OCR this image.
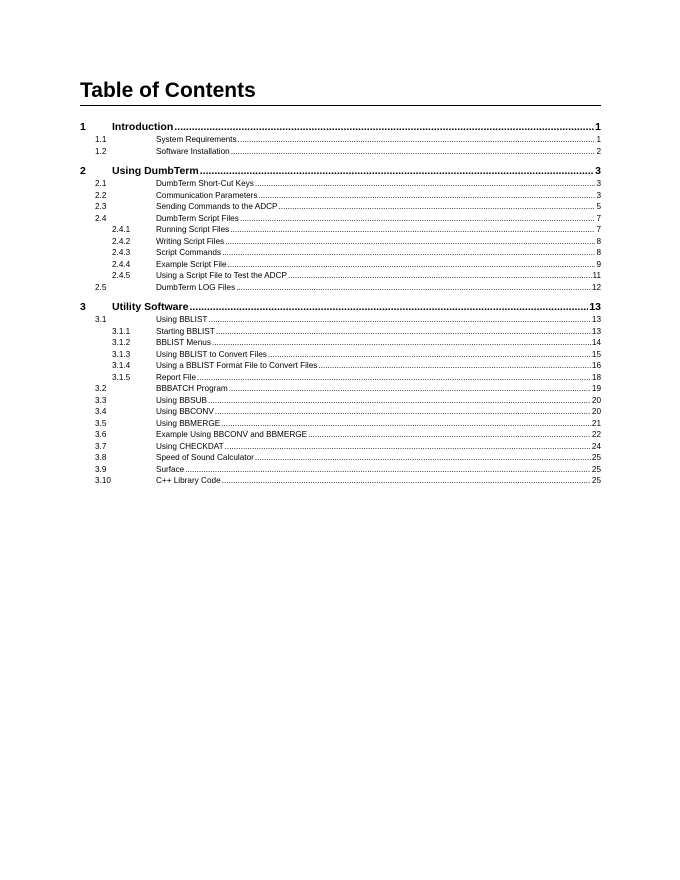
Table of Contents
1	Introduction .....	1
1.1	System Requirements .....	1
1.2	Software Installation .....	2
2	Using DumbTerm .....	3
2.1	DumbTerm Short-Cut Keys .....	3
2.2	Communication Parameters .....	3
2.3	Sending Commands to the ADCP .....	5
2.4	DumbTerm Script Files .....	7
2.4.1	Running Script Files .....	7
2.4.2	Writing Script Files .....	8
2.4.3	Script Commands .....	8
2.4.4	Example Script File .....	9
2.4.5	Using a Script File to Test the ADCP .....	11
2.5	DumbTerm LOG Files .....	12
3	Utility Software .....	13
3.1	Using BBLIST .....	13
3.1.1	Starting BBLIST .....	13
3.1.2	BBLIST Menus .....	14
3.1.3	Using BBLIST to Convert Files .....	15
3.1.4	Using a BBLIST Format File to Convert Files .....	16
3.1.5	Report File .....	18
3.2	BBBATCH Program .....	19
3.3	Using BBSUB .....	20
3.4	Using BBCONV .....	20
3.5	Using BBMERGE .....	21
3.6	Example Using BBCONV and BBMERGE .....	22
3.7	Using CHECKDAT .....	24
3.8	Speed of Sound Calculator .....	25
3.9	Surface .....	25
3.10	C++ Library Code .....	25
